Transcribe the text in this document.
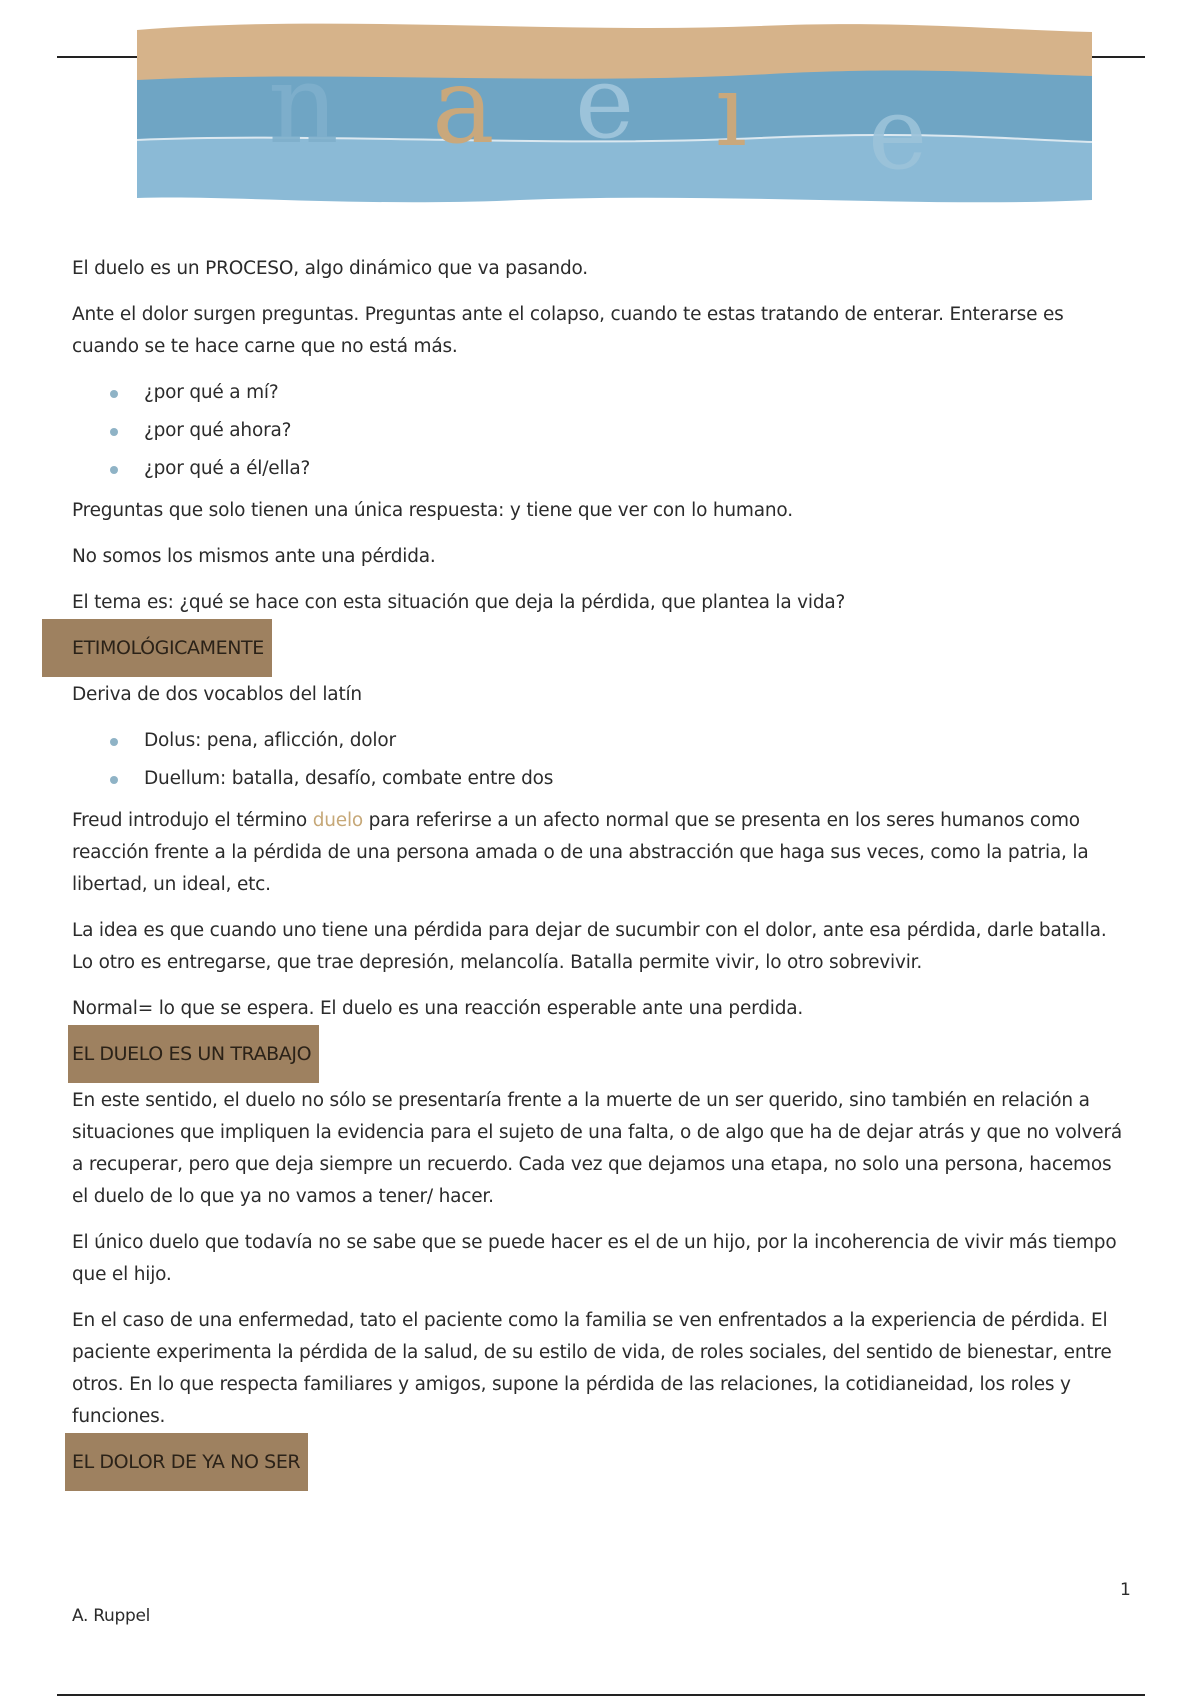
n a e ı e

El duelo es un PROCESO, algo dinámico que va pasando.

Ante el dolor surgen preguntas. Preguntas ante el colapso, cuando te estas tratando de enterar. Enterarse es cuando se te hace carne que no está más.

¿por qué a mí?
¿por qué ahora?
¿por qué a él/ella?

Preguntas que solo tienen una única respuesta: y tiene que ver con lo humano.

No somos los mismos ante una pérdida.

El tema es: ¿qué se hace con esta situación que deja la pérdida, que plantea la vida?

ETIMOLÓGICAMENTE

Deriva de dos vocablos del latín

Dolus: pena, aflicción, dolor
Duellum: batalla, desafío, combate entre dos

Freud introdujo el término duelo para referirse a un afecto normal que se presenta en los seres humanos como reacción frente a la pérdida de una persona amada o de una abstracción que haga sus veces, como la patria, la libertad, un ideal, etc.

La idea es que cuando uno tiene una pérdida para dejar de sucumbir con el dolor, ante esa pérdida, darle batalla. Lo otro es entregarse, que trae depresión, melancolía. Batalla permite vivir, lo otro sobrevivir.

Normal= lo que se espera. El duelo es una reacción esperable ante una perdida.

EL DUELO ES UN TRABAJO

En este sentido, el duelo no sólo se presentaría frente a la muerte de un ser querido, sino también en relación a situaciones que impliquen la evidencia para el sujeto de una falta, o de algo que ha de dejar atrás y que no volverá a recuperar, pero que deja siempre un recuerdo. Cada vez que dejamos una etapa, no solo una persona, hacemos el duelo de lo que ya no vamos a tener/ hacer.

El único duelo que todavía no se sabe que se puede hacer es el de un hijo, por la incoherencia de vivir más tiempo que el hijo.

En el caso de una enfermedad, tato el paciente como la familia se ven enfrentados a la experiencia de pérdida. El paciente experimenta la pérdida de la salud, de su estilo de vida, de roles sociales, del sentido de bienestar, entre otros. En lo que respecta familiares y amigos, supone la pérdida de las relaciones, la cotidianeidad, los roles y funciones.

EL DOLOR DE YA NO SER
1
A. Ruppel
